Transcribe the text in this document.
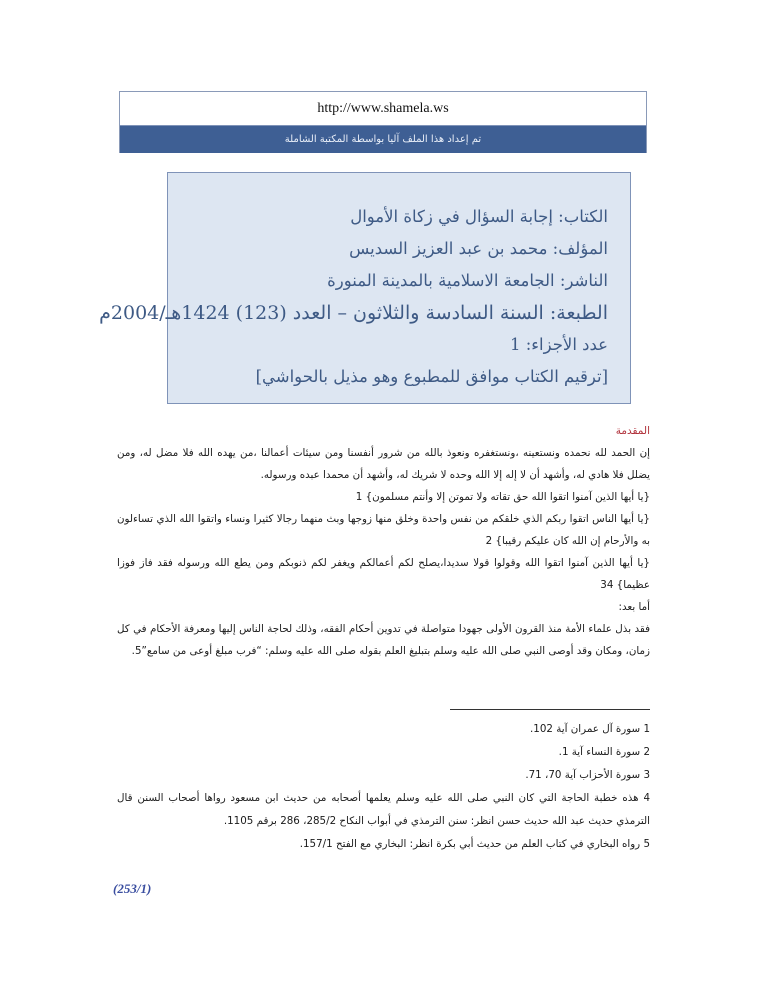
http://www.shamela.ws
تم إعداد هذا الملف آليا بواسطة المكتبة الشاملة
الكتاب: إجابة السؤال في زكاة الأموال
المؤلف: محمد بن عبد العزيز السديس
الناشر: الجامعة الاسلامية بالمدينة المنورة
الطبعة: السنة السادسة والثلاثون – العدد (123) 1424هـ/2004م
عدد الأجزاء: 1
[ترقيم الكتاب موافق للمطبوع وهو مذيل بالحواشي]

المقدمة

إن الحمد لله نحمده ونستعينه ،ونستغفره ونعوذ بالله من شرور أنفسنا ومن سيئات أعمالنا ،من يهده الله فلا مضل له، ومن يضلل فلا هادي له، وأشهد أن لا إله إلا الله وحده لا شريك له، وأشهد أن محمدا عبده ورسوله.

{يا أيها الذين آمنوا اتقوا الله حق تقاته ولا تموتن إلا وأنتم مسلمون} 1

{يا أيها الناس اتقوا ربكم الذي خلقكم من نفس واحدة وخلق منها زوجها وبث منهما رجالا كثيرا ونساء واتقوا الله الذي تساءلون به والأرحام إن الله كان عليكم رقيبا} 2

{يا أيها الذين آمنوا اتقوا الله وقولوا قولا سديدا،يصلح لكم أعمالكم ويغفر لكم ذنوبكم ومن يطع الله ورسوله فقد فاز فوزا عظيما} 34

أما بعد:

فقد بذل علماء الأمة منذ القرون الأولى جهودا متواصلة في تدوين أحكام الفقه، وذلك لحاجة الناس إليها ومعرفة الأحكام في كل زمان، ومكان وقد أوصى النبي صلى الله عليه وسلم بتبليغ العلم بقوله صلى الله عليه وسلم: “فرب مبلغ أوعى من سامع”5.

1 سورة آل عمران آية 102.

2 سورة النساء آية 1.

3 سورة الأحزاب آية 70، 71.

4 هذه خطبة الحاجة التي كان النبي صلى الله عليه وسلم يعلمها أصحابه من حديث ابن مسعود رواها أصحاب السنن قال الترمذي حديث عبد الله حديث حسن انظر: سنن الترمذي في أبواب النكاح 285/2، 286 برقم 1105.

5 رواه البخاري في كتاب العلم من حديث أبي بكرة انظر: البخاري مع الفتح 157/1.

(253/1)
